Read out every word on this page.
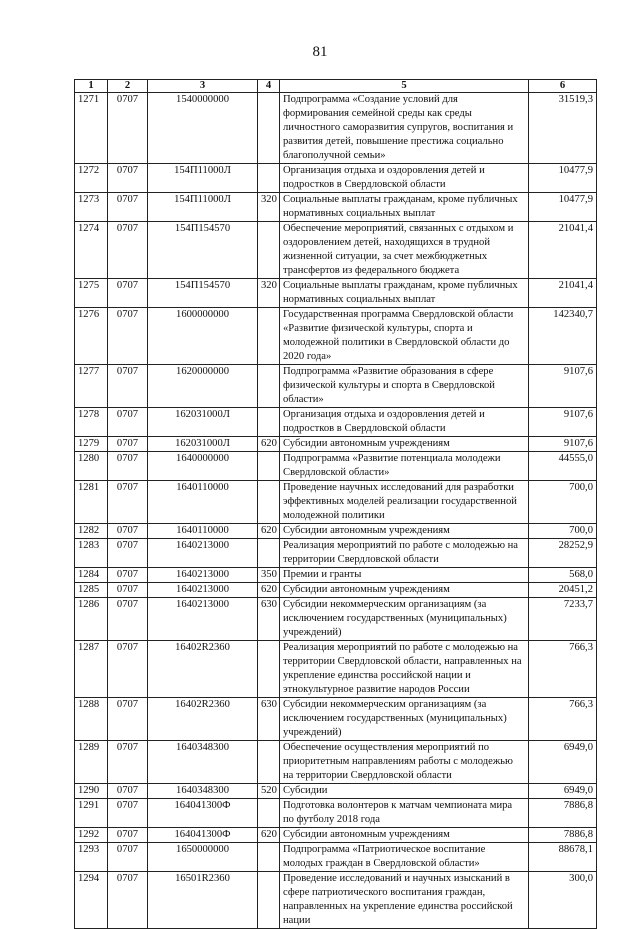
81
1	2	3	4	5	6
1271	0707	1540000000		Подпрограмма «Создание условий для формирования семейной среды как среды личностного саморазвития супругов, воспитания и развития детей, повышение престижа социально благополучной семьи»	31519,3
1272	0707	154П11000Л		Организация отдыха и оздоровления детей и подростков в Свердловской области	10477,9
1273	0707	154П11000Л	320	Социальные выплаты гражданам, кроме публичных нормативных социальных выплат	10477,9
1274	0707	154П154570		Обеспечение мероприятий, связанных с отдыхом и оздоровлением детей, находящихся в трудной жизненной ситуации, за счет межбюджетных трансфертов из федерального бюджета	21041,4
1275	0707	154П154570	320	Социальные выплаты гражданам, кроме публичных нормативных социальных выплат	21041,4
1276	0707	1600000000		Государственная программа Свердловской области «Развитие физической культуры, спорта и молодежной политики в Свердловской области до 2020 года»	142340,7
1277	0707	1620000000		Подпрограмма «Развитие образования в сфере физической культуры и спорта в Свердловской области»	9107,6
1278	0707	162031000Л		Организация отдыха и оздоровления детей и подростков в Свердловской области	9107,6
1279	0707	162031000Л	620	Субсидии автономным учреждениям	9107,6
1280	0707	1640000000		Подпрограмма «Развитие потенциала молодежи Свердловской области»	44555,0
1281	0707	1640110000		Проведение научных исследований для разработки эффективных моделей реализации государственной молодежной политики	700,0
1282	0707	1640110000	620	Субсидии автономным учреждениям	700,0
1283	0707	1640213000		Реализация мероприятий по работе с молодежью на территории Свердловской области	28252,9
1284	0707	1640213000	350	Премии и гранты	568,0
1285	0707	1640213000	620	Субсидии автономным учреждениям	20451,2
1286	0707	1640213000	630	Субсидии некоммерческим организациям (за исключением государственных (муниципальных) учреждений)	7233,7
1287	0707	16402R2360		Реализация мероприятий по работе с молодежью на территории Свердловской области, направленных на укрепление единства российской нации и этнокультурное развитие народов России	766,3
1288	0707	16402R2360	630	Субсидии некоммерческим организациям (за исключением государственных (муниципальных) учреждений)	766,3
1289	0707	1640348300		Обеспечение осуществления мероприятий по приоритетным направлениям работы с молодежью на территории Свердловской области	6949,0
1290	0707	1640348300	520	Субсидии	6949,0
1291	0707	164041300Ф		Подготовка волонтеров к матчам чемпионата мира по футболу 2018 года	7886,8
1292	0707	164041300Ф	620	Субсидии автономным учреждениям	7886,8
1293	0707	1650000000		Подпрограмма «Патриотическое воспитание молодых граждан в Свердловской области»	88678,1
1294	0707	16501R2360		Проведение исследований и научных изысканий в сфере патриотического воспитания граждан, направленных на укрепление единства российской нации	300,0
